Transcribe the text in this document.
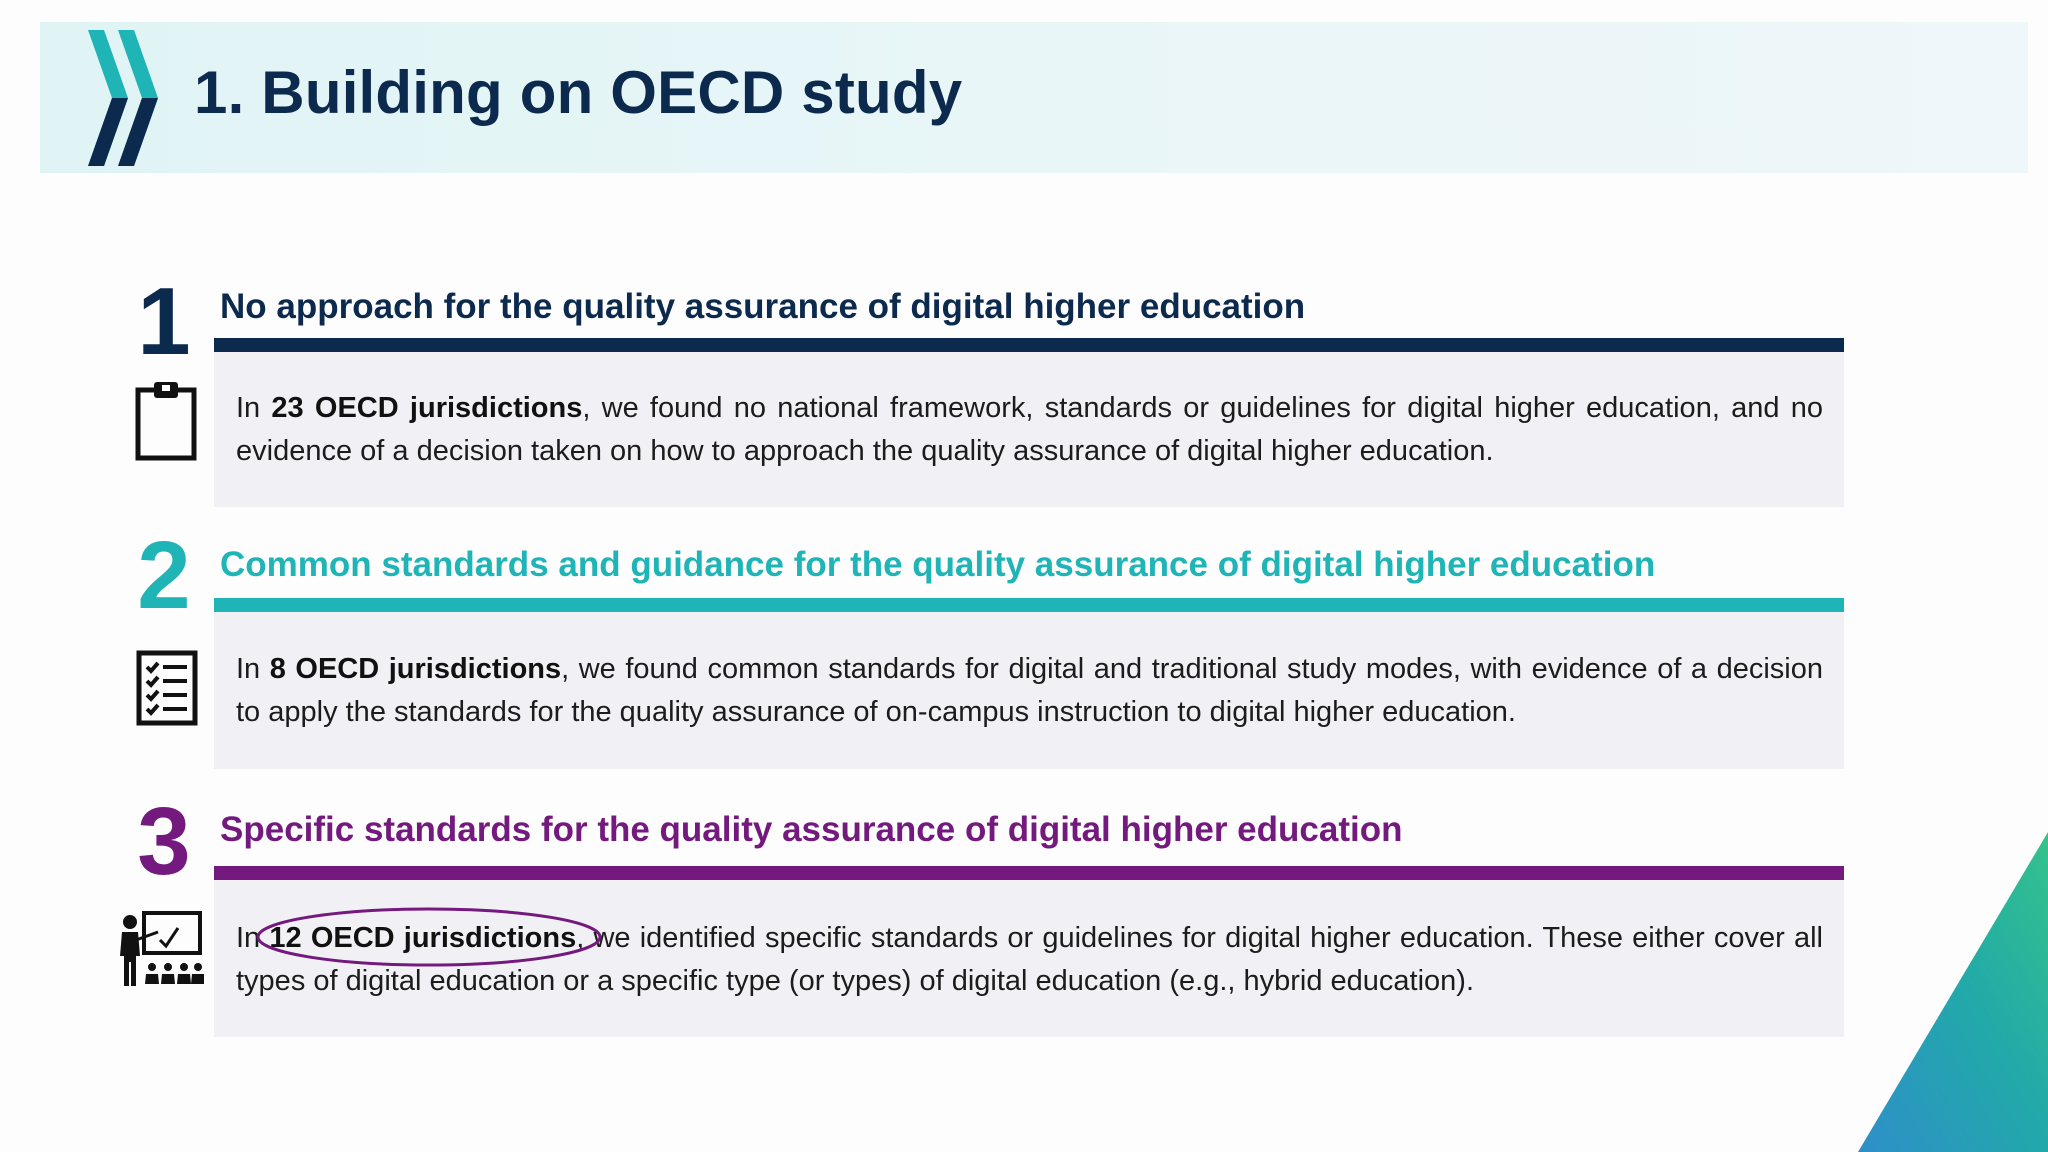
1. Building on OECD study
1 No approach for the quality assurance of digital higher education
In 23 OECD jurisdictions, we found no national framework, standards or guidelines for digital higher education, and no evidence of a decision taken on how to approach the quality assurance of digital higher education.
2 Common standards and guidance for the quality assurance of digital higher education
In 8 OECD jurisdictions, we found common standards for digital and traditional study modes, with evidence of a decision to apply the standards for the quality assurance of on-campus instruction to digital higher education.
3 Specific standards for the quality assurance of digital higher education
In 12 OECD jurisdictions, we identified specific standards or guidelines for digital higher education. These either cover all types of digital education or a specific type (or types) of digital education (e.g., hybrid education).
